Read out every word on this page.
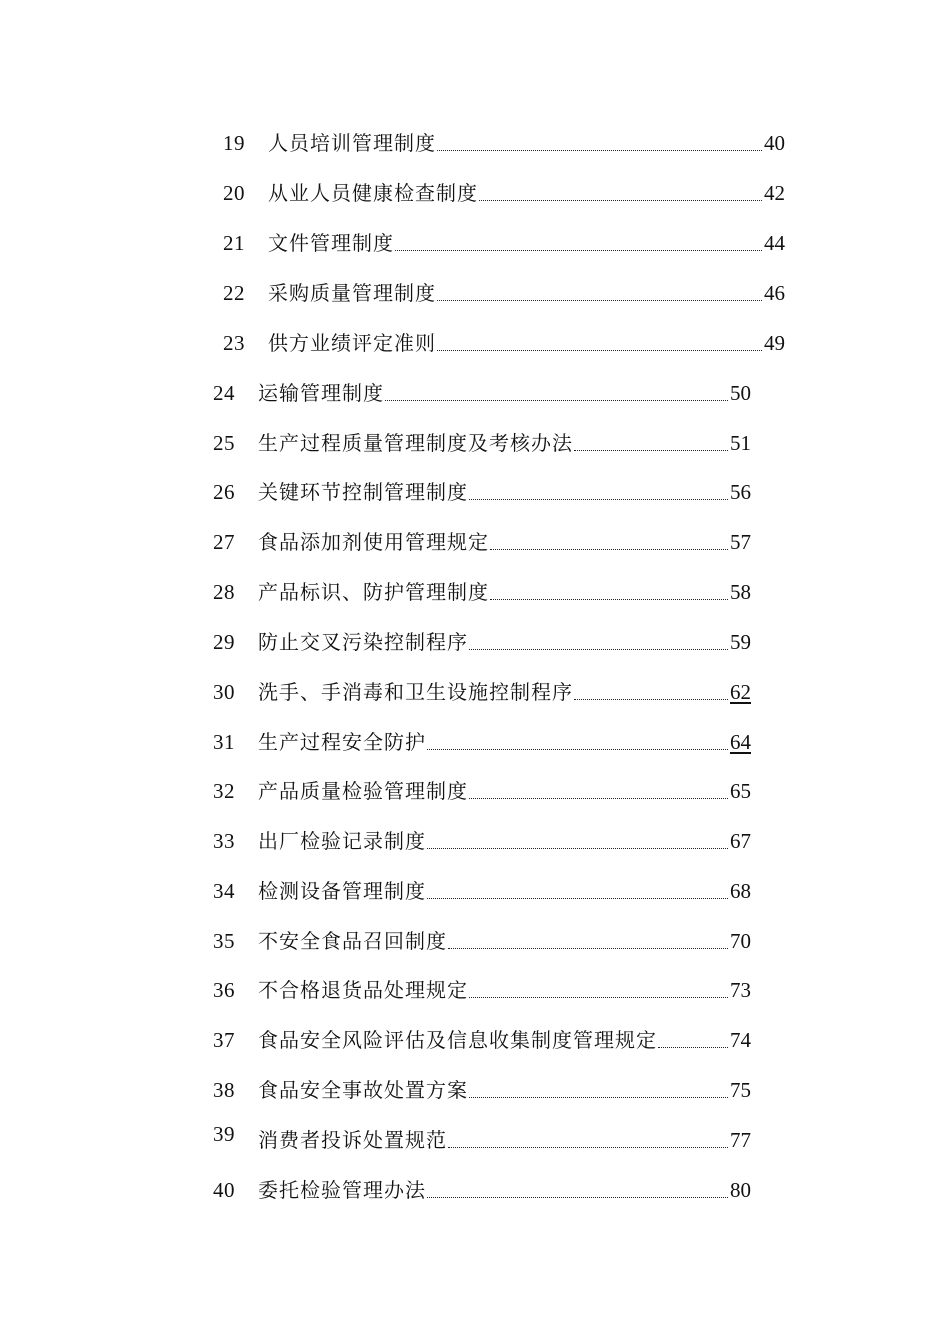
19	人员培训管理制度	40
20	从业人员健康检查制度	42
21	文件管理制度	44
22	采购质量管理制度	46
23	供方业绩评定准则	49
24	运输管理制度	50
25	生产过程质量管理制度及考核办法	51
26	关键环节控制管理制度	56
27	食品添加剂使用管理规定	57
28	产品标识、防护管理制度	58
29	防止交叉污染控制程序	59
30	洗手、手消毒和卫生设施控制程序	62
31	生产过程安全防护	64
32	产品质量检验管理制度	65
33	出厂检验记录制度	67
34	检测设备管理制度	68
35	不安全食品召回制度	70
36	不合格退货品处理规定	73
37	食品安全风险评估及信息收集制度管理规定	74
38	食品安全事故处置方案	75
39	消费者投诉处置规范	77
40	委托检验管理办法	80
